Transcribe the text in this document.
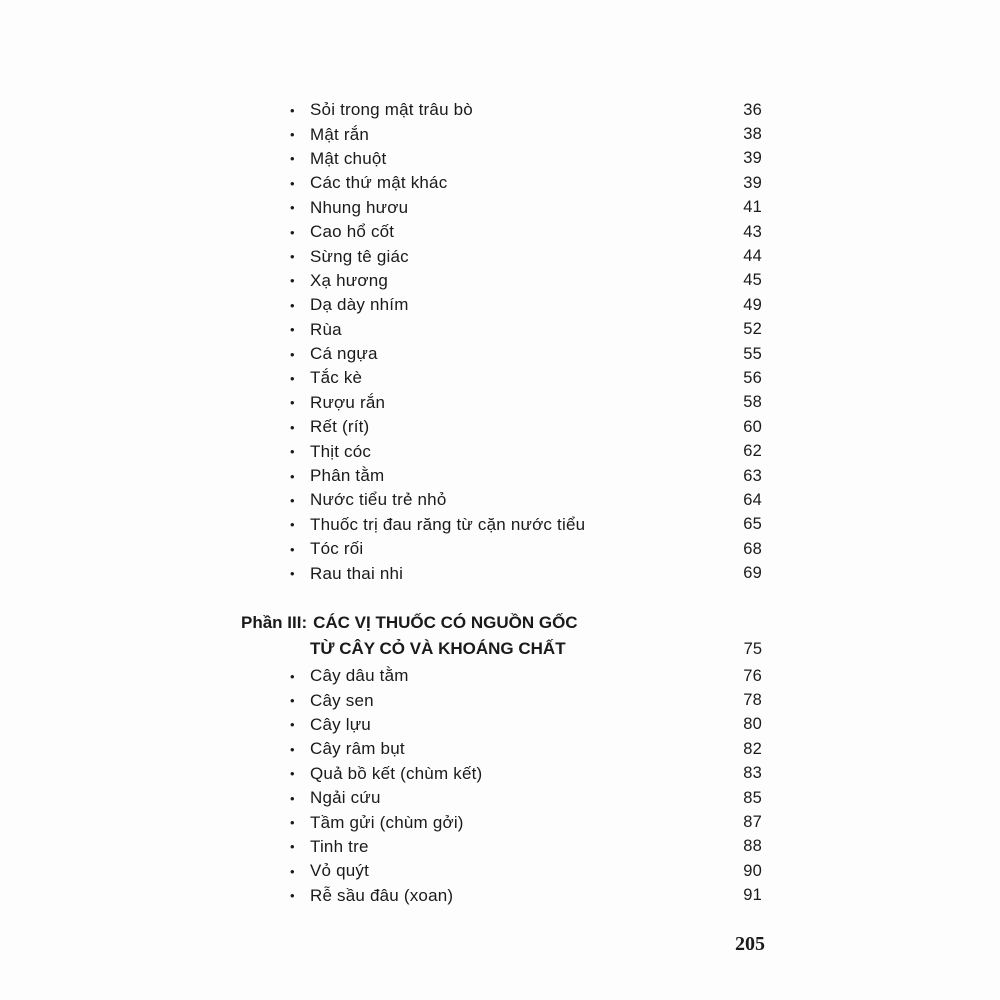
• Sỏi trong mật trâu bò	36
• Mật rắn	38
• Mật chuột	39
• Các thứ mật khác	39
• Nhung hươu	41
• Cao hổ cốt	43
• Sừng tê giác	44
• Xạ hương	45
• Dạ dày nhím	49
• Rùa	52
• Cá ngựa	55
• Tắc kè	56
• Rượu rắn	58
• Rết (rít)	60
• Thịt cóc	62
• Phân tằm	63
• Nước tiểu trẻ nhỏ	64
• Thuốc trị đau răng từ cặn nước tiểu	65
• Tóc rối	68
• Rau thai nhi	69
Phần III: CÁC VỊ THUỐC CÓ NGUỒN GỐC
TỪ CÂY CỎ VÀ KHOÁNG CHẤT	75
• Cây dâu tằm	76
• Cây sen	78
• Cây lựu	80
• Cây râm bụt	82
• Quả bồ kết (chùm kết)	83
• Ngải cứu	85
• Tầm gửi (chùm gởi)	87
• Tinh tre	88
• Vỏ quýt	90
• Rễ sầu đâu (xoan)	91
205
